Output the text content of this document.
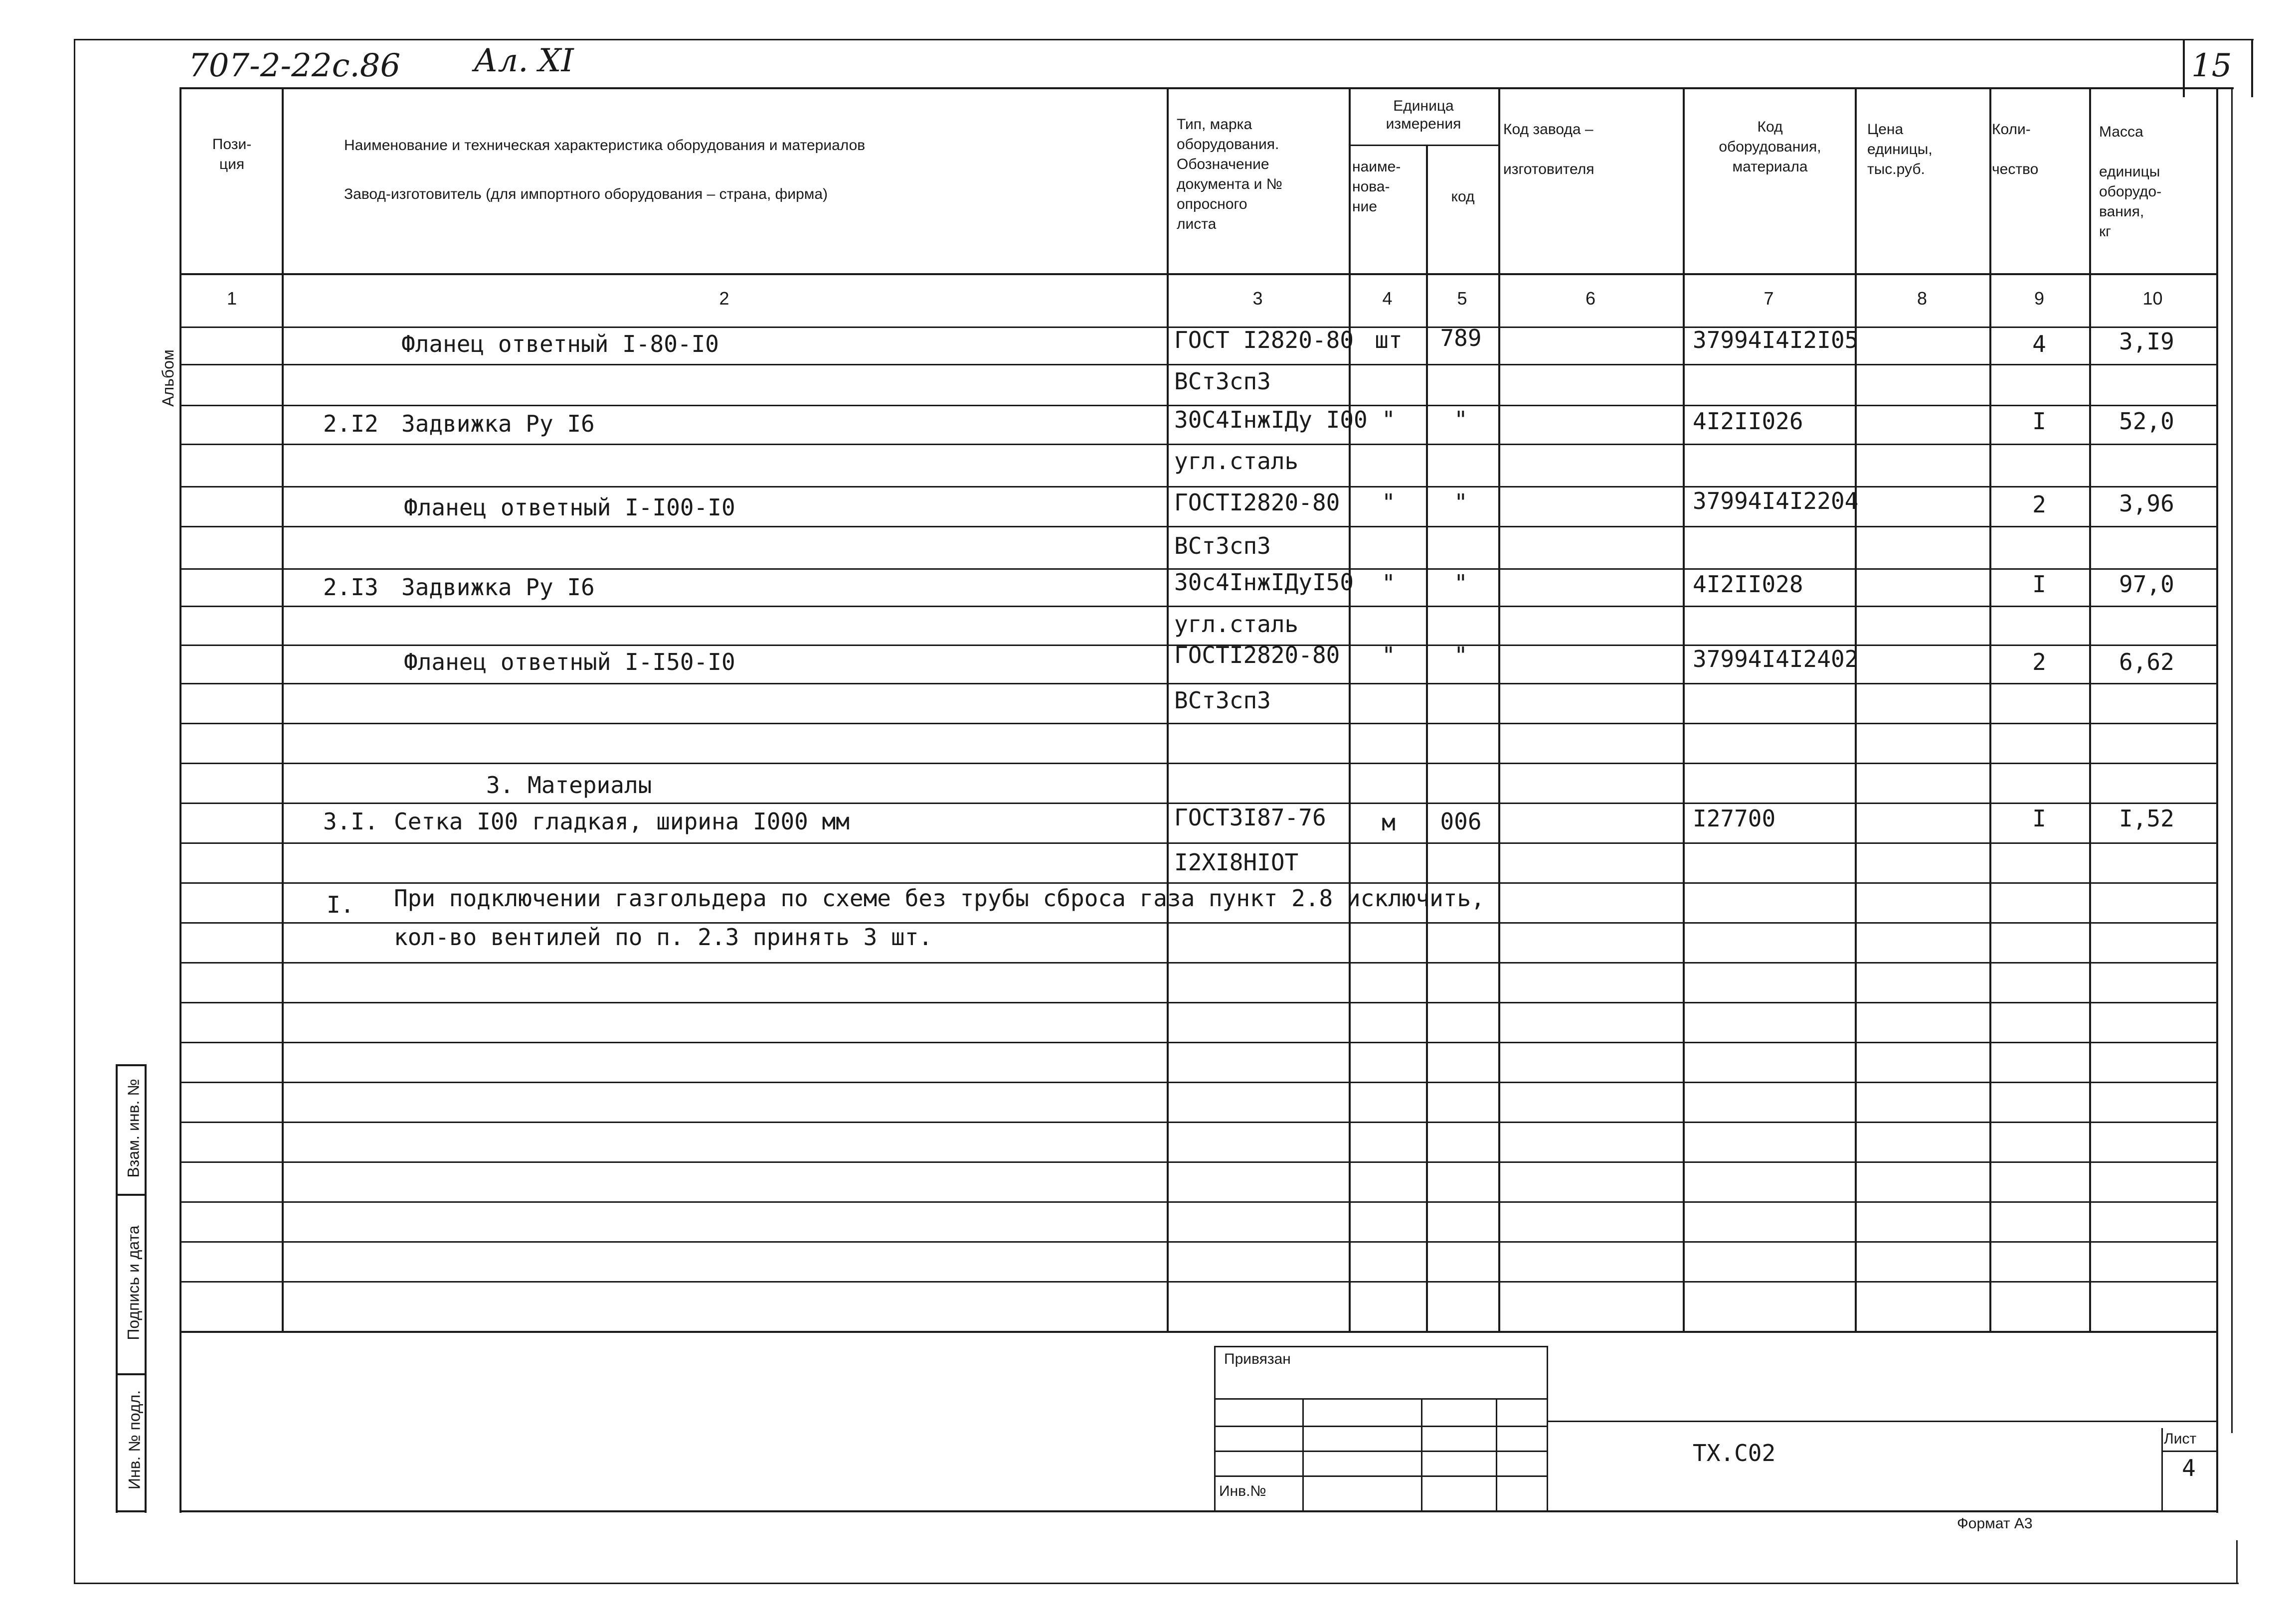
707-2-22с.86 Ал. XI	15
Альбом
Взам. инв. №
Подпись и дата
Инв. № подл.
Пози-
ция
Наименование и техническая характеристика оборудования и материалов
Завод-изготовитель (для импортного оборудования – страна, фирма)
Тип, марка
оборудования.
Обозначение
документа и №
опросного
листа
Единица
измерения
наиме-
нова-
ние
код
Код завода –

изготовителя
Код
оборудования,
материала
Цена
единицы,
тыс.руб.
Коли-

чество
Масса

единицы
оборудо-
вания,
кг
1	2	3	4	5	6	7	8	9	10
Фланец ответный I-80-I0	ГОСТ I2820-80 шт	789	37994I4I2I05	4	3,I9
ВСт3сп3
2.I2 Задвижка Ру I6	30С4IнжIДу I00 "	"	4I2II026	I	52,0
угл.сталь
Фланец ответный I-I00-I0	ГОСТI2820-80	"	"	37994I4I2204	2	3,96
ВСт3сп3
2.I3 Задвижка Ру I6	30с4IнжIДуI50	"	"	4I2II028	I	97,0
угл.сталь
Фланец ответный I-I50-I0	ГОСТI2820-80	"	"	37994I4I2402	2	6,62
ВСт3сп3
3. Материалы
3.I. Сетка I00 гладкая, ширина I000 мм	ГОСТ3I87-76	м	006	I27700	I	I,52
I2XI8HIOT
I. При подключении газгольдера по схеме без трубы сброса газа пункт 2.8 исключить,
кол-во вентилей по п. 2.3 принять 3 шт.
Привязан
Инв.№
ТХ.С02
Лист
4
Формат А3
